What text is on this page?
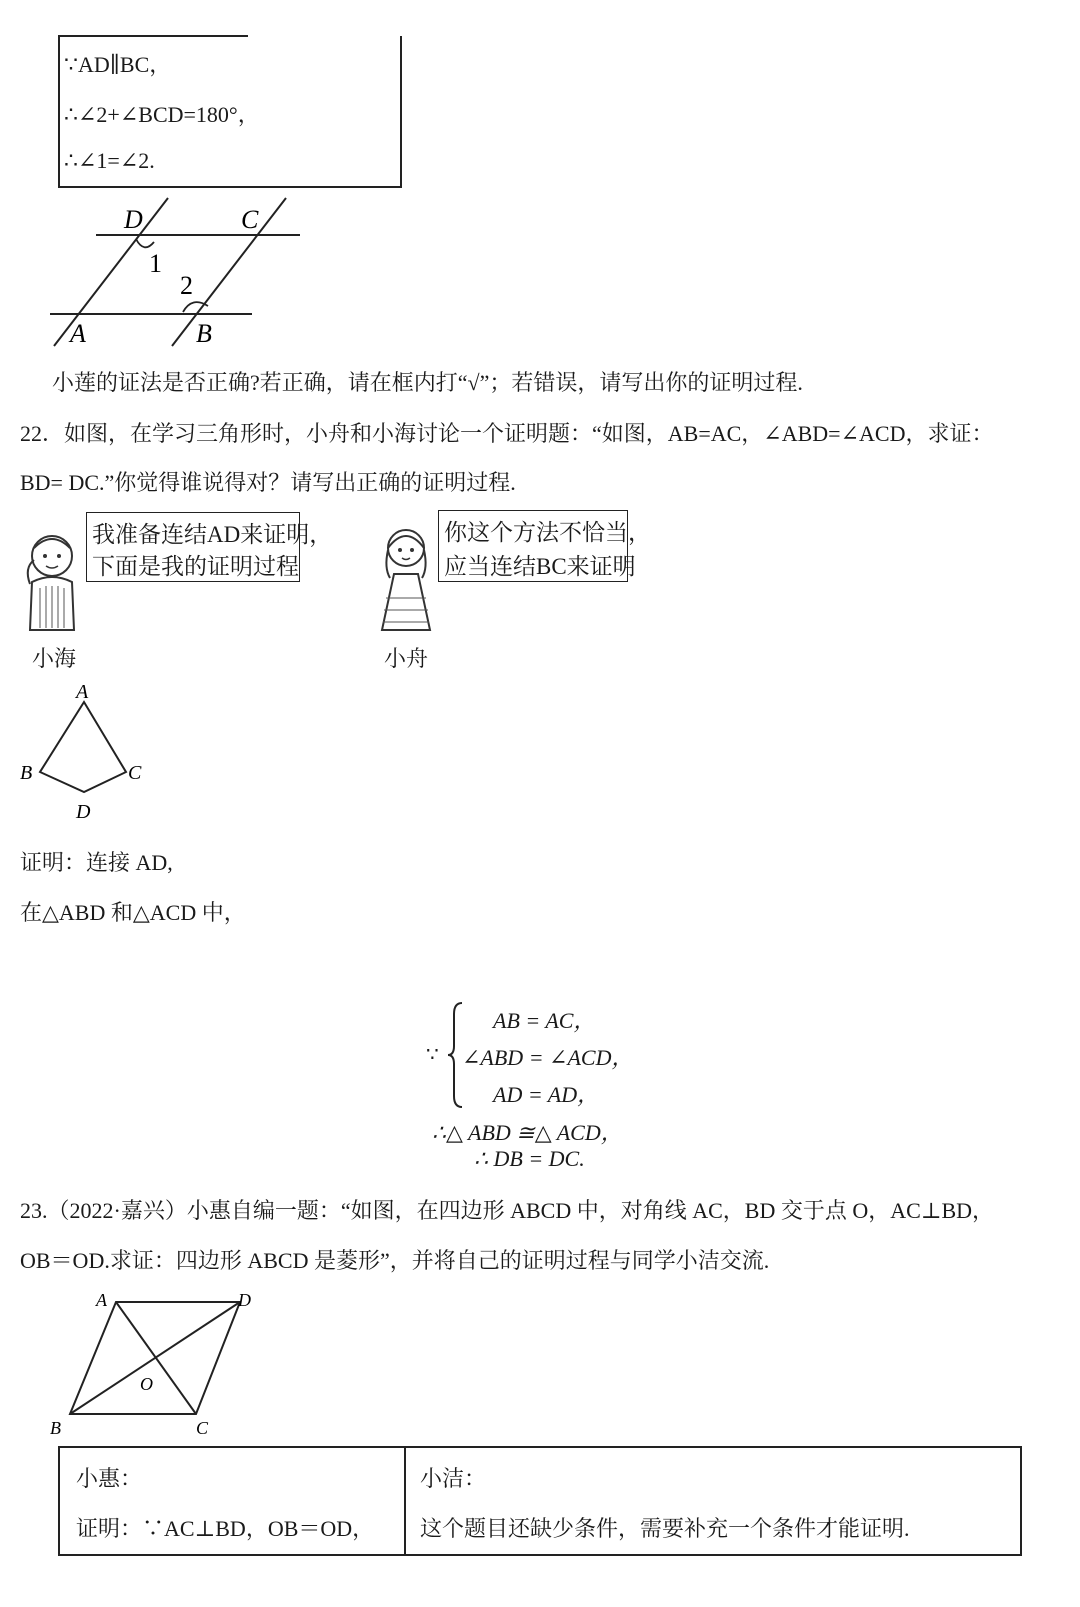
∵AD∥BC，
∴∠2+∠BCD=180°，
∴∠1=∠2.
D	C
A	B
1
2
小莲的证法是否正确?若正确，请在框内打“√”；若错误，请写出你的证明过程.
22．如图，在学习三角形时，小舟和小海讨论一个证明题：“如图，AB=AC，∠ABD=∠ACD，求证：
BD= DC.”你觉得谁说得对？请写出正确的证明过程.
我准备连结AD来证明，
下面是我的证明过程
小海
你这个方法不恰当，
应当连结BC来证明
小舟
A
B	C
D
证明：连接 AD,
在△ABD 和△ACD 中，
∵
AB = AC，
∠ABD = ∠ACD，
AD = AD，
∴△ ABD ≅△ ACD，
∴ DB = DC.
23.（2022·嘉兴）小惠自编一题：“如图，在四边形 ABCD 中，对角线 AC，BD 交于点 O，AC⊥BD，
OB＝OD.求证：四边形 ABCD 是菱形”，并将自己的证明过程与同学小洁交流.
A	D
B	C
O
小惠：
证明：∵AC⊥BD，OB＝OD，
小洁：
这个题目还缺少条件，需要补充一个条件才能证明.
